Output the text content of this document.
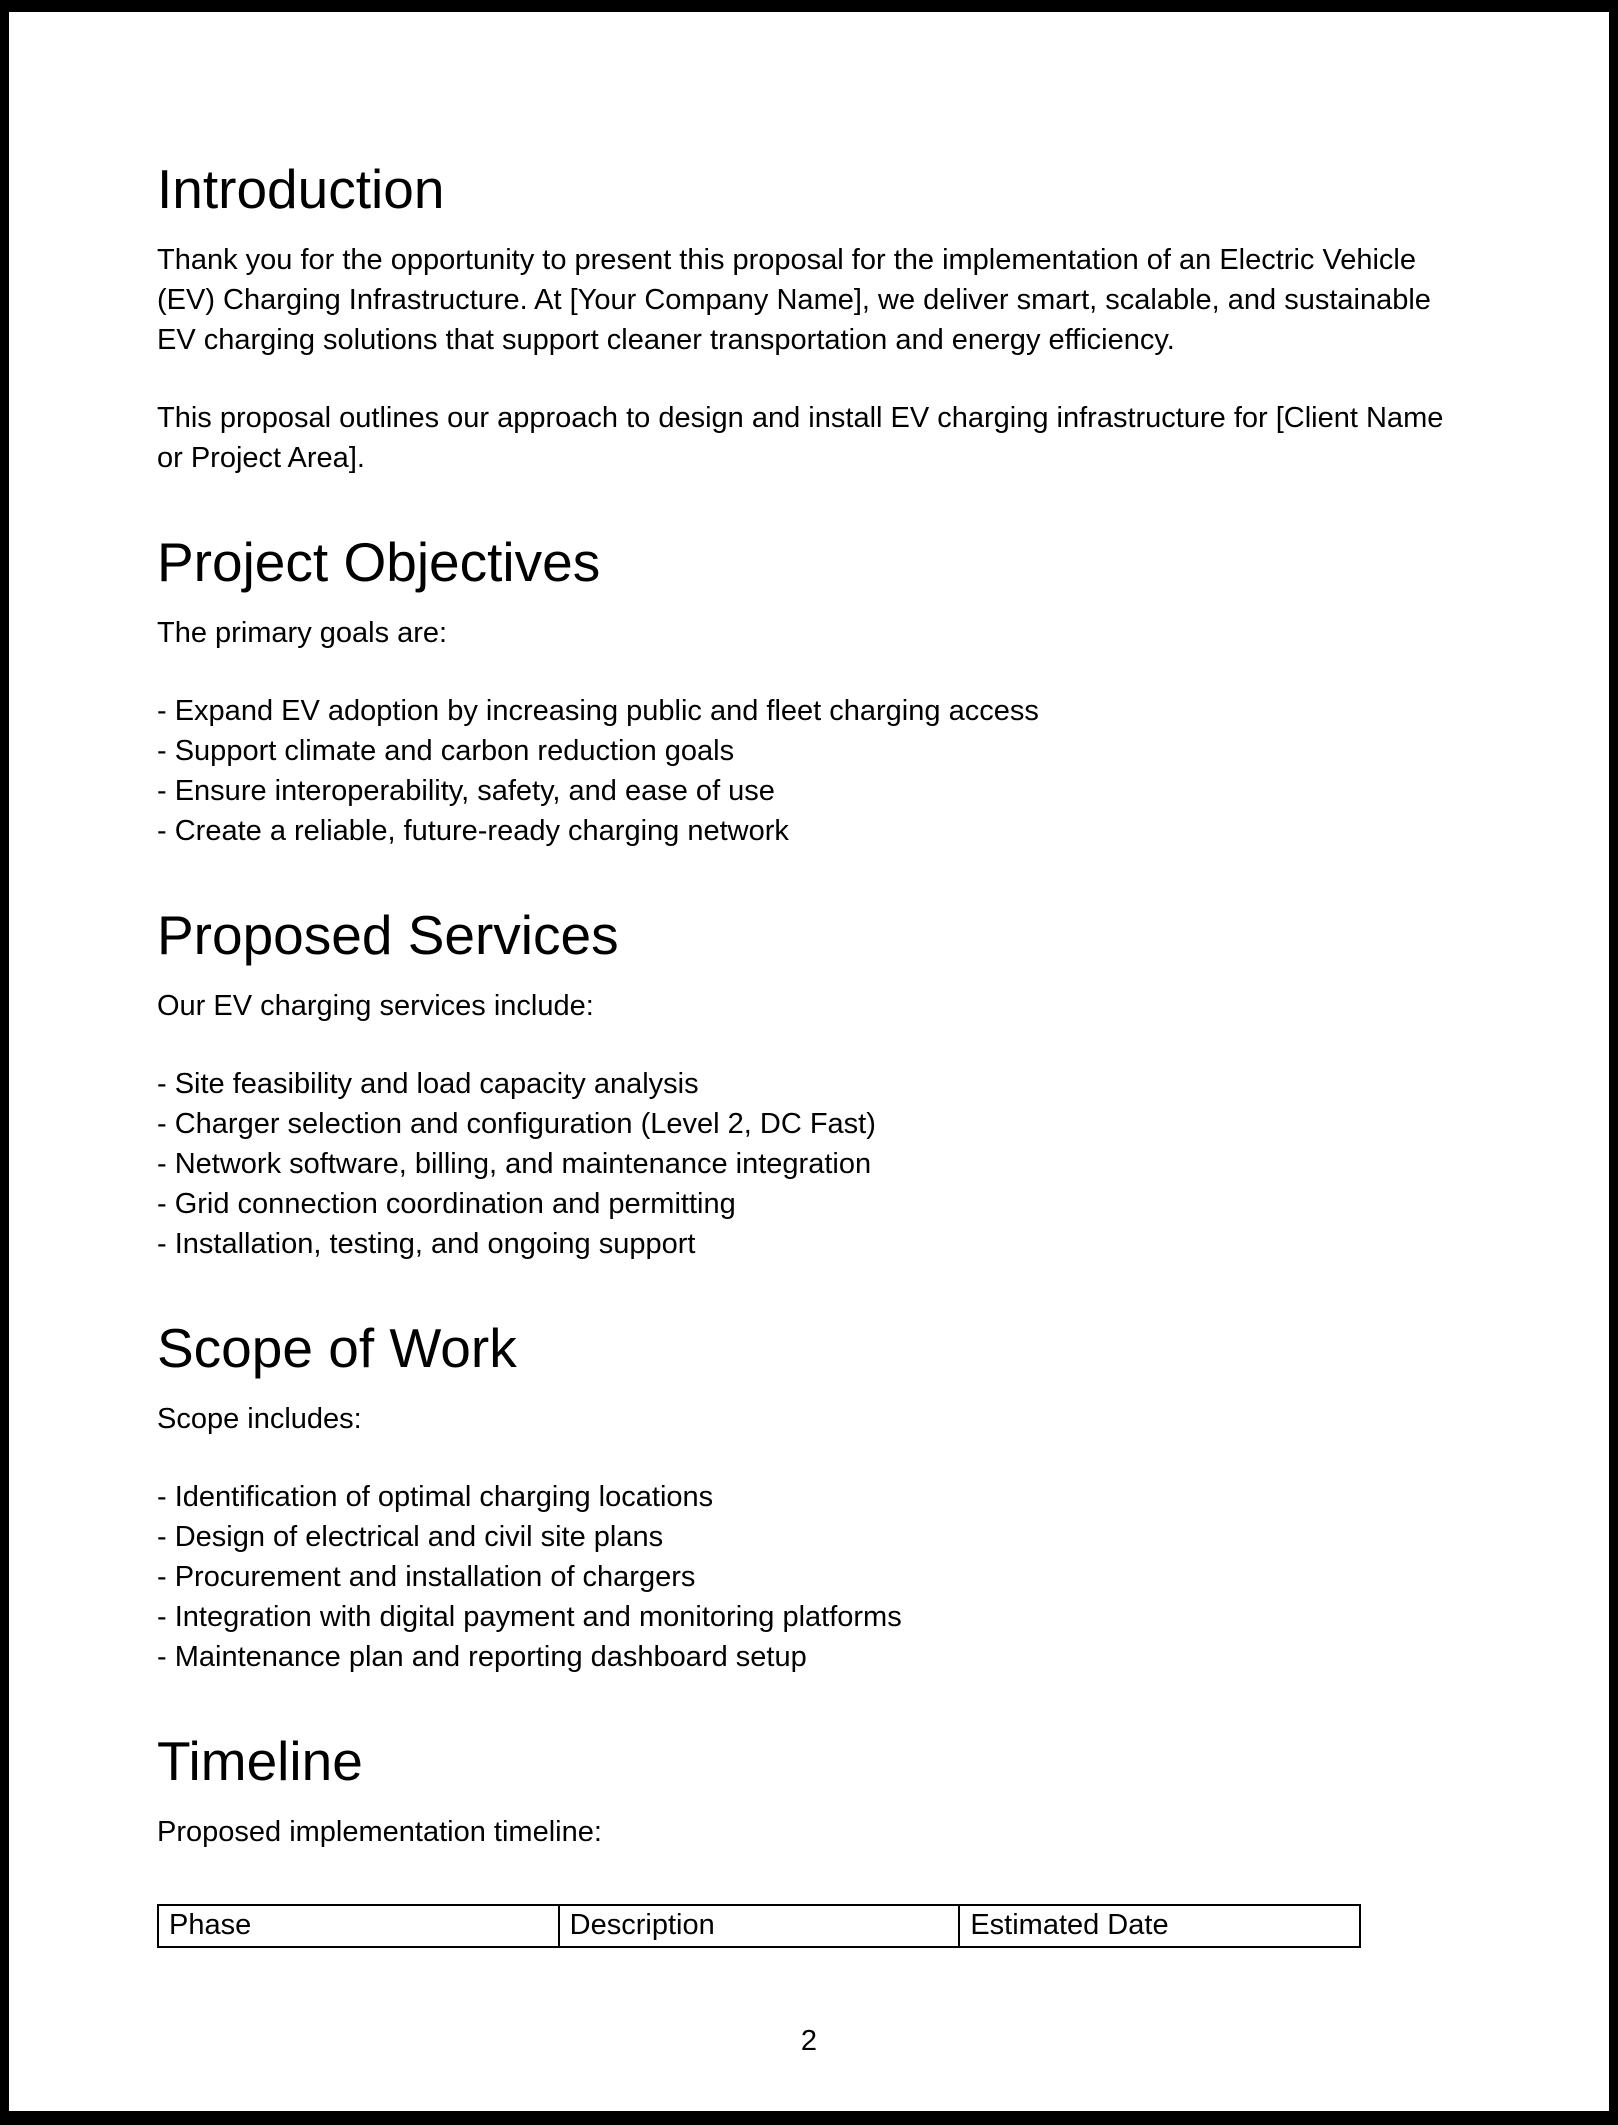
Introduction

Thank you for the opportunity to present this proposal for the implementation of an Electric Vehicle (EV) Charging Infrastructure. At [Your Company Name], we deliver smart, scalable, and sustainable EV charging solutions that support cleaner transportation and energy efficiency.

This proposal outlines our approach to design and install EV charging infrastructure for [Client Name or Project Area].

Project Objectives

The primary goals are:

- Expand EV adoption by increasing public and fleet charging access

- Support climate and carbon reduction goals

- Ensure interoperability, safety, and ease of use

- Create a reliable, future-ready charging network

Proposed Services

Our EV charging services include:

- Site feasibility and load capacity analysis

- Charger selection and configuration (Level 2, DC Fast)

- Network software, billing, and maintenance integration

- Grid connection coordination and permitting

- Installation, testing, and ongoing support

Scope of Work

Scope includes:

- Identification of optimal charging locations

- Design of electrical and civil site plans

- Procurement and installation of chargers

- Integration with digital payment and monitoring platforms

- Maintenance plan and reporting dashboard setup

Timeline

Proposed implementation timeline:

Phase	Description	Estimated Date
2
